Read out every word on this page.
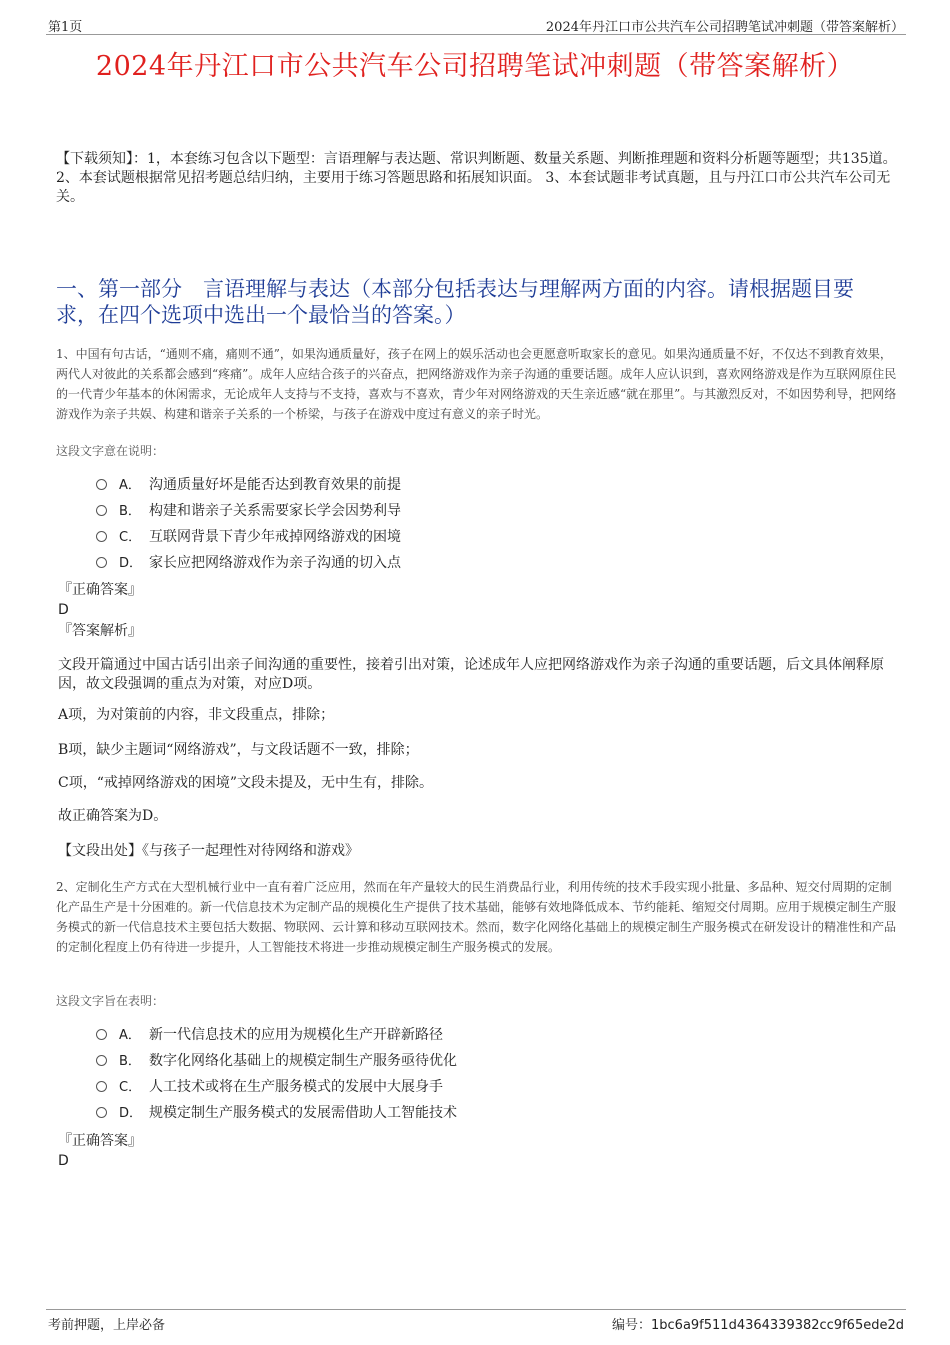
第1页	2024年丹江口市公共汽车公司招聘笔试冲刺题（带答案解析）
2024年丹江口市公共汽车公司招聘笔试冲刺题（带答案解析）
【下载须知】：1，本套练习包含以下题型：言语理解与表达题、常识判断题、数量关系题、判断推理题和资料分析题等题型；共135道。 2、本套试题根据常见招考题总结归纳，主要用于练习答题思路和拓展知识面。 3、本套试题非考试真题，且与丹江口市公共汽车公司无关。
一、第一部分　言语理解与表达（本部分包括表达与理解两方面的内容。请根据题目要求，在四个选项中选出一个最恰当的答案。）
1、中国有句古话，“通则不痛，痛则不通”，如果沟通质量好，孩子在网上的娱乐活动也会更愿意听取家长的意见。如果沟通质量不好，不仅达不到教育效果，两代人对彼此的关系都会感到“疼痛”。成年人应结合孩子的兴奋点，把网络游戏作为亲子沟通的重要话题。成年人应认识到，喜欢网络游戏是作为互联网原住民的一代青少年基本的休闲需求，无论成年人支持与不支持，喜欢与不喜欢，青少年对网络游戏的天生亲近感“就在那里”。与其激烈反对，不如因势利导，把网络游戏作为亲子共娱、构建和谐亲子关系的一个桥梁，与孩子在游戏中度过有意义的亲子时光。
这段文字意在说明：
A． 沟通质量好坏是能否达到教育效果的前提
B． 构建和谐亲子关系需要家长学会因势利导
C． 互联网背景下青少年戒掉网络游戏的困境
D． 家长应把网络游戏作为亲子沟通的切入点
『正确答案』
D
『答案解析』
文段开篇通过中国古话引出亲子间沟通的重要性，接着引出对策，论述成年人应把网络游戏作为亲子沟通的重要话题，后文具体阐释原因，故文段强调的重点为对策，对应D项。
A项，为对策前的内容，非文段重点，排除；
B项，缺少主题词“网络游戏”，与文段话题不一致，排除；
C项，“戒掉网络游戏的困境”文段未提及，无中生有，排除。
故正确答案为D。
【文段出处】《与孩子一起理性对待网络和游戏》
2、定制化生产方式在大型机械行业中一直有着广泛应用，然而在年产量较大的民生消费品行业，利用传统的技术手段实现小批量、多品种、短交付周期的定制化产品生产是十分困难的。新一代信息技术为定制产品的规模化生产提供了技术基础，能够有效地降低成本、节约能耗、缩短交付周期。应用于规模定制生产服务模式的新一代信息技术主要包括大数据、物联网、云计算和移动互联网技术。然而，数字化网络化基础上的规模定制生产服务模式在研发设计的精准性和产品的定制化程度上仍有待进一步提升，人工智能技术将进一步推动规模定制生产服务模式的发展。
这段文字旨在表明：
A． 新一代信息技术的应用为规模化生产开辟新路径
B． 数字化网络化基础上的规模定制生产服务亟待优化
C． 人工技术或将在生产服务模式的发展中大展身手
D． 规模定制生产服务模式的发展需借助人工智能技术
『正确答案』
D
考前押题，上岸必备	编号：1bc6a9f511d4364339382cc9f65ede2d
